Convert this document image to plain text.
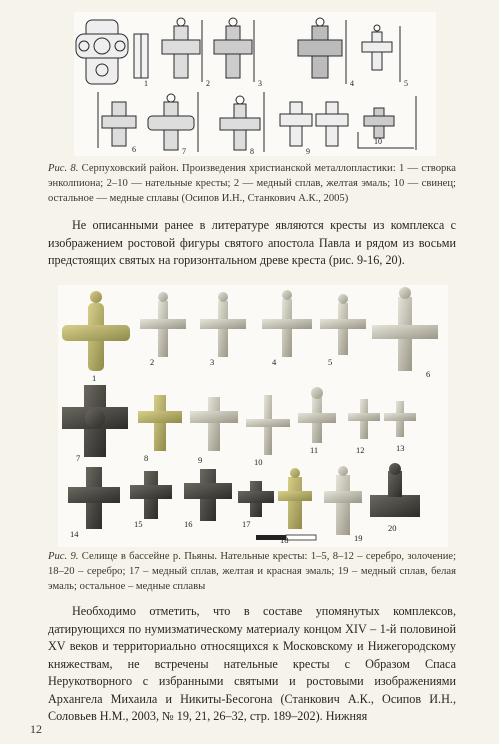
1	2	3	4	5
6	7	8	9
10
Рис. 8. Серпуховский район. Произведения христианской металлопластики: 1 — створка энколпиона; 2–10 — нательные кресты; 2 — медный сплав, желтая эмаль; 10 — свинец; остальное — медные сплавы (Осипов И.Н., Станкович А.К., 2005)
Не описанными ранее в литературе являются кресты из комплекса с изображением ростовой фигуры святого апостола Павла и рядом из восьми предстоящих святых на горизонтальном древе креста (рис. 9-16, 20).
1
2	3	4	5
6
7	8	9	10
11	12	13
14
15	16	17
18	19
20
Рис. 9. Селище в бассейне р. Пьяны. Нательные кресты: 1–5, 8–12 – серебро, золочение; 18–20 – серебро; 17 – медный сплав, желтая и красная эмаль; 19 – медный сплав, белая эмаль; остальное – медные сплавы
Необходимо отметить, что в составе упомянутых комплексов, датирующихся по нумизматическому материалу концом XIV – 1-й половиной XV веков и территориально относящихся к Московскому и Нижегородскому княжествам, не встречены нательные кресты с Образом Спаса Нерукотворного с избранными святыми и ростовыми изображениями Архангела Михаила и Никиты-Бесогона (Станкович А.К., Осипов И.Н., Соловьев Н.М., 2003, № 19, 21, 26–32, стр. 189–202). Нижняя
12
